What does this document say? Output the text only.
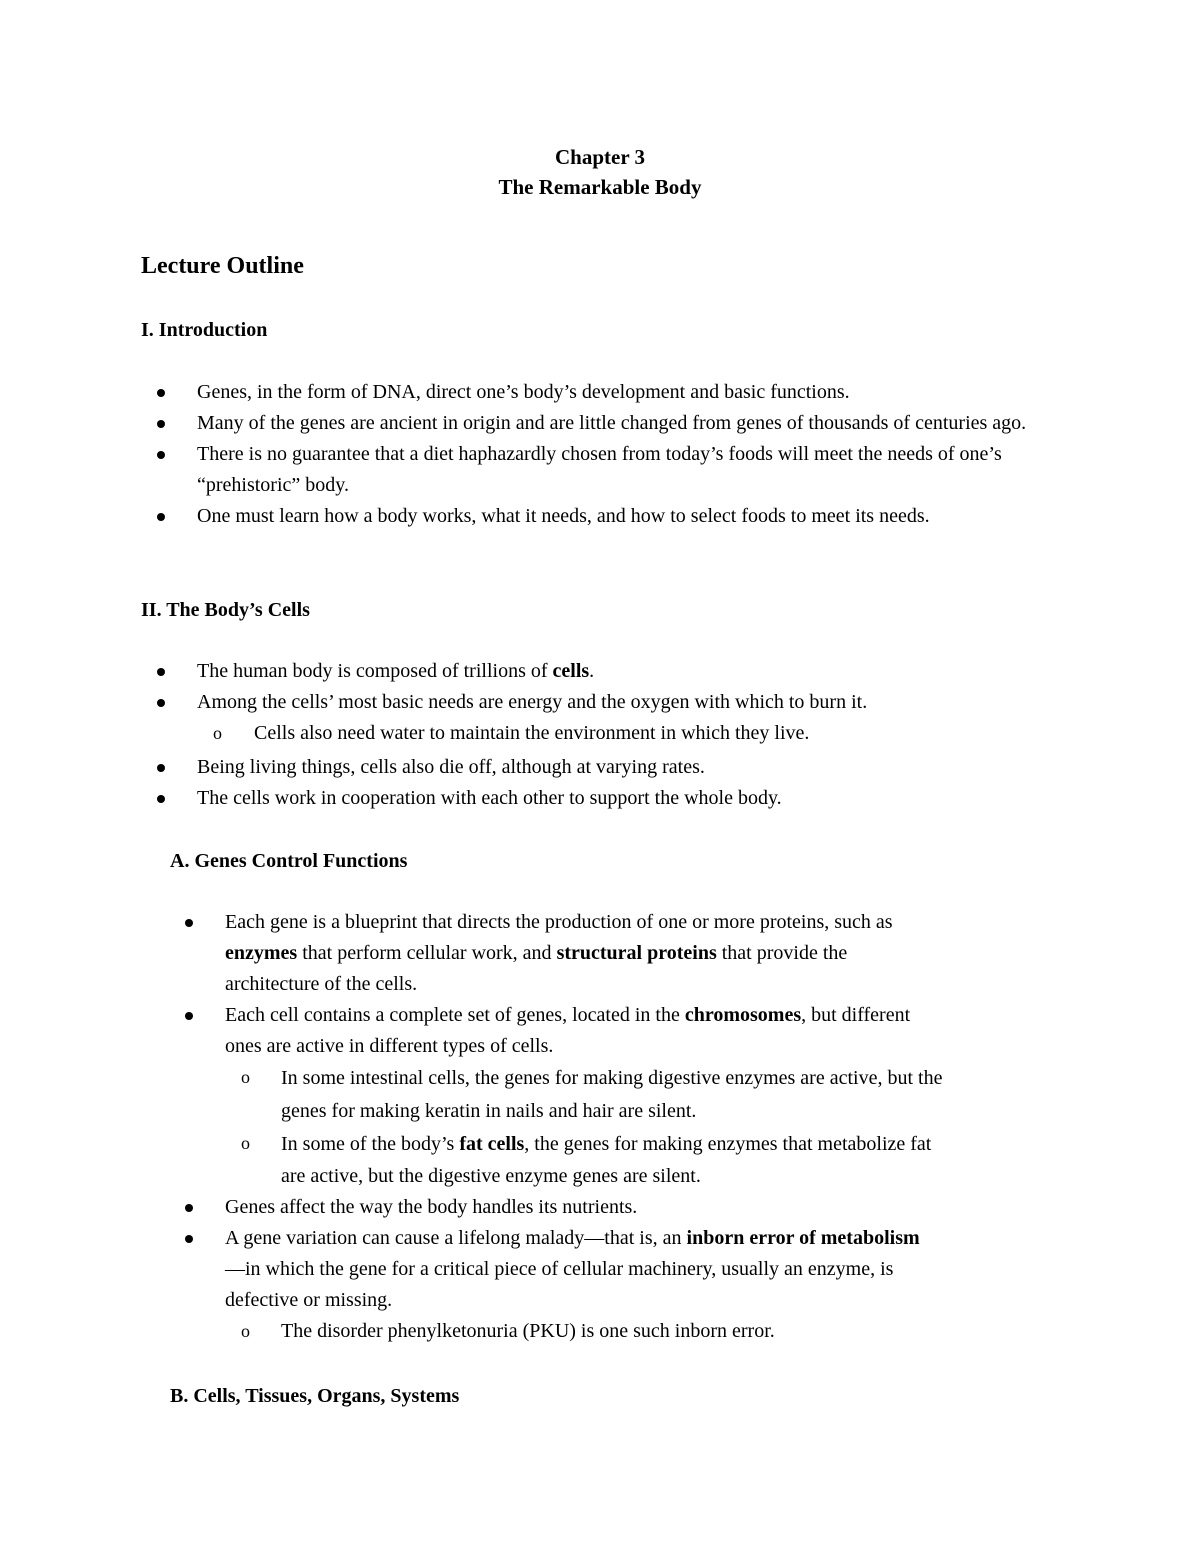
Chapter 3
The Remarkable Body
Lecture Outline
I. Introduction
Genes, in the form of DNA, direct one’s body’s development and basic functions.
Many of the genes are ancient in origin and are little changed from genes of thousands of centuries ago.
There is no guarantee that a diet haphazardly chosen from today’s foods will meet the needs of one’s “prehistoric” body.
One must learn how a body works, what it needs, and how to select foods to meet its needs.
II. The Body’s Cells
The human body is composed of trillions of cells.
Among the cells’ most basic needs are energy and the oxygen with which to burn it.
o Cells also need water to maintain the environment in which they live.
Being living things, cells also die off, although at varying rates.
The cells work in cooperation with each other to support the whole body.
A. Genes Control Functions
Each gene is a blueprint that directs the production of one or more proteins, such as
enzymes that perform cellular work, and structural proteins that provide the
architecture of the cells.
Each cell contains a complete set of genes, located in the chromosomes, but different
ones are active in different types of cells.
o In some intestinal cells, the genes for making digestive enzymes are active, but the
genes for making keratin in nails and hair are silent.
o In some of the body’s fat cells, the genes for making enzymes that metabolize fat
are active, but the digestive enzyme genes are silent.
Genes affect the way the body handles its nutrients.
A gene variation can cause a lifelong malady—that is, an inborn error of metabolism
—in which the gene for a critical piece of cellular machinery, usually an enzyme, is
defective or missing.
o The disorder phenylketonuria (PKU) is one such inborn error.
B. Cells, Tissues, Organs, Systems
